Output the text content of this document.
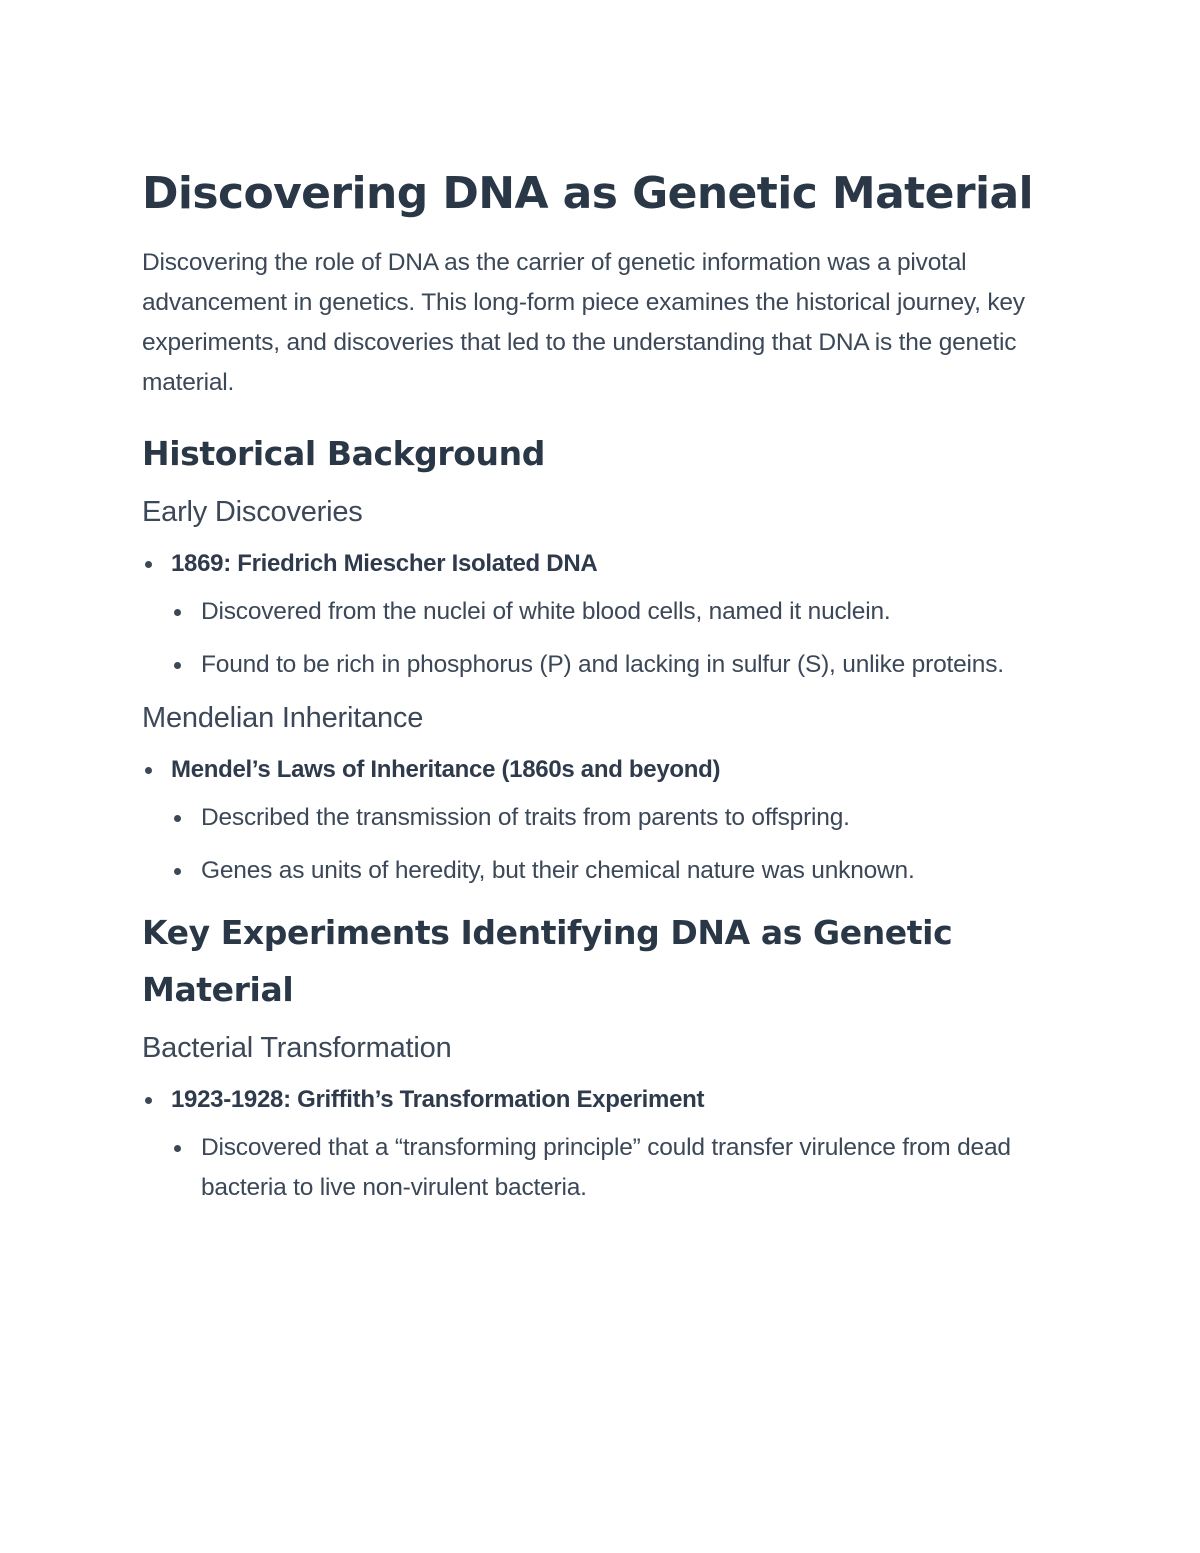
Discovering DNA as Genetic Material

Discovering the role of DNA as the carrier of genetic information was a pivotal advancement in genetics. This long-form piece examines the historical journey, key experiments, and discoveries that led to the understanding that DNA is the genetic material.

Historical Background
Early Discoveries
1869: Friedrich Miescher Isolated DNA
Discovered from the nuclei of white blood cells, named it nuclein.
Found to be rich in phosphorus (P) and lacking in sulfur (S), unlike proteins.
Mendelian Inheritance
Mendel’s Laws of Inheritance (1860s and beyond)
Described the transmission of traits from parents to offspring.
Genes as units of heredity, but their chemical nature was unknown.
Key Experiments Identifying DNA as Genetic Material
Bacterial Transformation
1923-1928: Griffith’s Transformation Experiment
Discovered that a “transforming principle” could transfer virulence from dead bacteria to live non-virulent bacteria.
